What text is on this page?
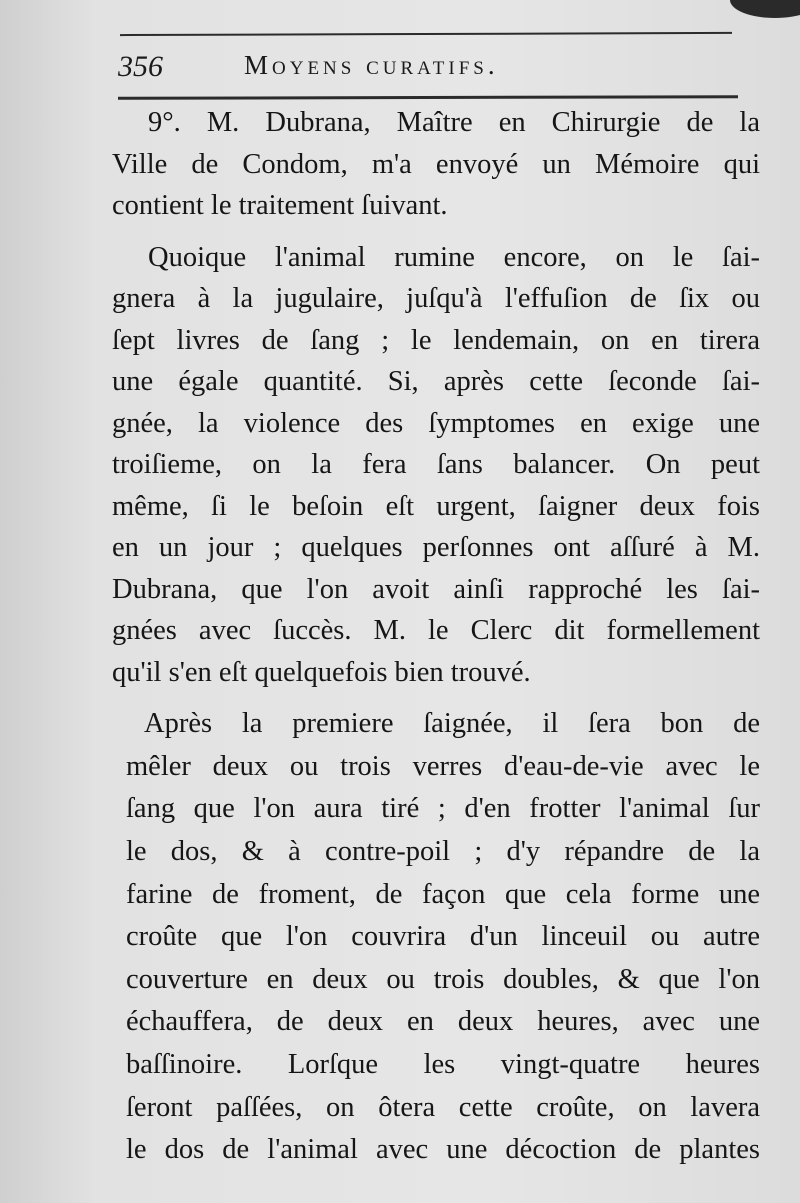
356	Moyens curatifs.
9°. M. Dubrana, Maître en Chirurgie de la
Ville de Condom, m'a envoyé un Mémoire qui
contient le traitement ſuivant.
Quoique l'animal rumine encore, on le ſai-
gnera à la jugulaire, juſqu'à l'effuſion de ſix ou
ſept livres de ſang ; le lendemain, on en tirera
une égale quantité. Si, après cette ſeconde ſai-
gnée, la violence des ſymptomes en exige une
troiſieme, on la fera ſans balancer. On peut
même, ſi le beſoin eſt urgent, ſaigner deux fois
en un jour ; quelques perſonnes ont aſſuré à M.
Dubrana, que l'on avoit ainſi rapproché les ſai-
gnées avec ſuccès. M. le Clerc dit formellement
qu'il s'en eſt quelquefois bien trouvé.
Après la premiere ſaignée, il ſera bon de
mêler deux ou trois verres d'eau-de-vie avec le
ſang que l'on aura tiré ; d'en frotter l'animal ſur
le dos, & à contre-poil ; d'y répandre de la
farine de froment, de façon que cela forme une
croûte que l'on couvrira d'un linceuil ou autre
couverture en deux ou trois doubles, & que l'on
échauffera, de deux en deux heures, avec une
baſſinoire. Lorſque les vingt-quatre heures
ſeront paſſées, on ôtera cette croûte, on lavera
le dos de l'animal avec une décoction de plantes
